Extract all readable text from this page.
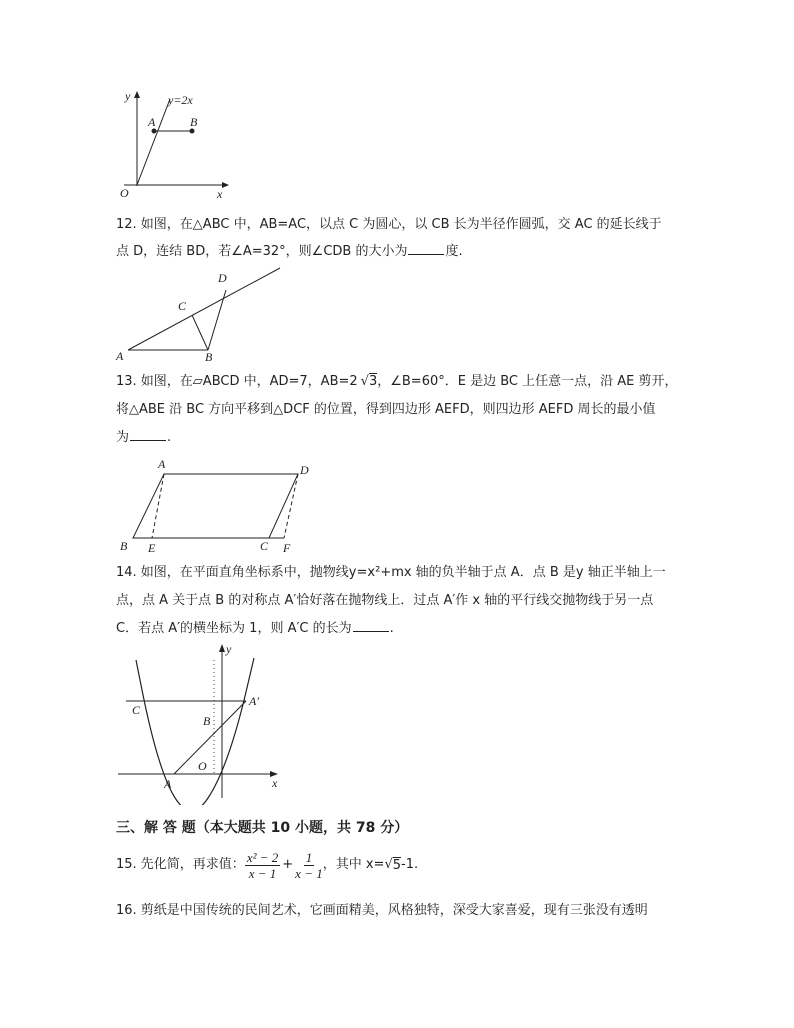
y	y=2x
A	B
O	x
12. 如图，在△ABC 中，AB=AC，以点 C 为圆心，以 CB 长为半径作圆弧，交 AC 的延长线于
点 D，连结 BD，若∠A=32°，则∠CDB 的大小为	度.
D
C
A	B
13. 如图，在▱ABCD 中，AD=7，AB=2 √3，∠B=60°．E 是边 BC 上任意一点，沿 AE 剪开，
将△ABE 沿 BC 方向平移到△DCF 的位置，得到四边形 AEFD，则四边形 AEFD 周长的最小值
为	.
A	D
B E	C F
14. 如图，在平面直角坐标系中，抛物线y=x²+mx 轴的负半轴于点 A．点 B 是y 轴正半轴上一
点，点 A 关于点 B 的对称点 A′恰好落在抛物线上．过点 A′作 x 轴的平行线交抛物线于另一点
C．若点 A′的横坐标为 1，则 A′C 的长为	.
y
x
C
A′
B
O
A
三、解 答 题（本大题共 10 小题，共 78 分）
15. 先化简，再求值： $\frac{\text{x² − 2}}{x - 1} + \frac{1}{x - 1}$ ，其中 x= √ 5 -1.
16. 剪纸是中国传统的民间艺术，它画面精美，风格独特，深受大家喜爱，现有三张没有透明
